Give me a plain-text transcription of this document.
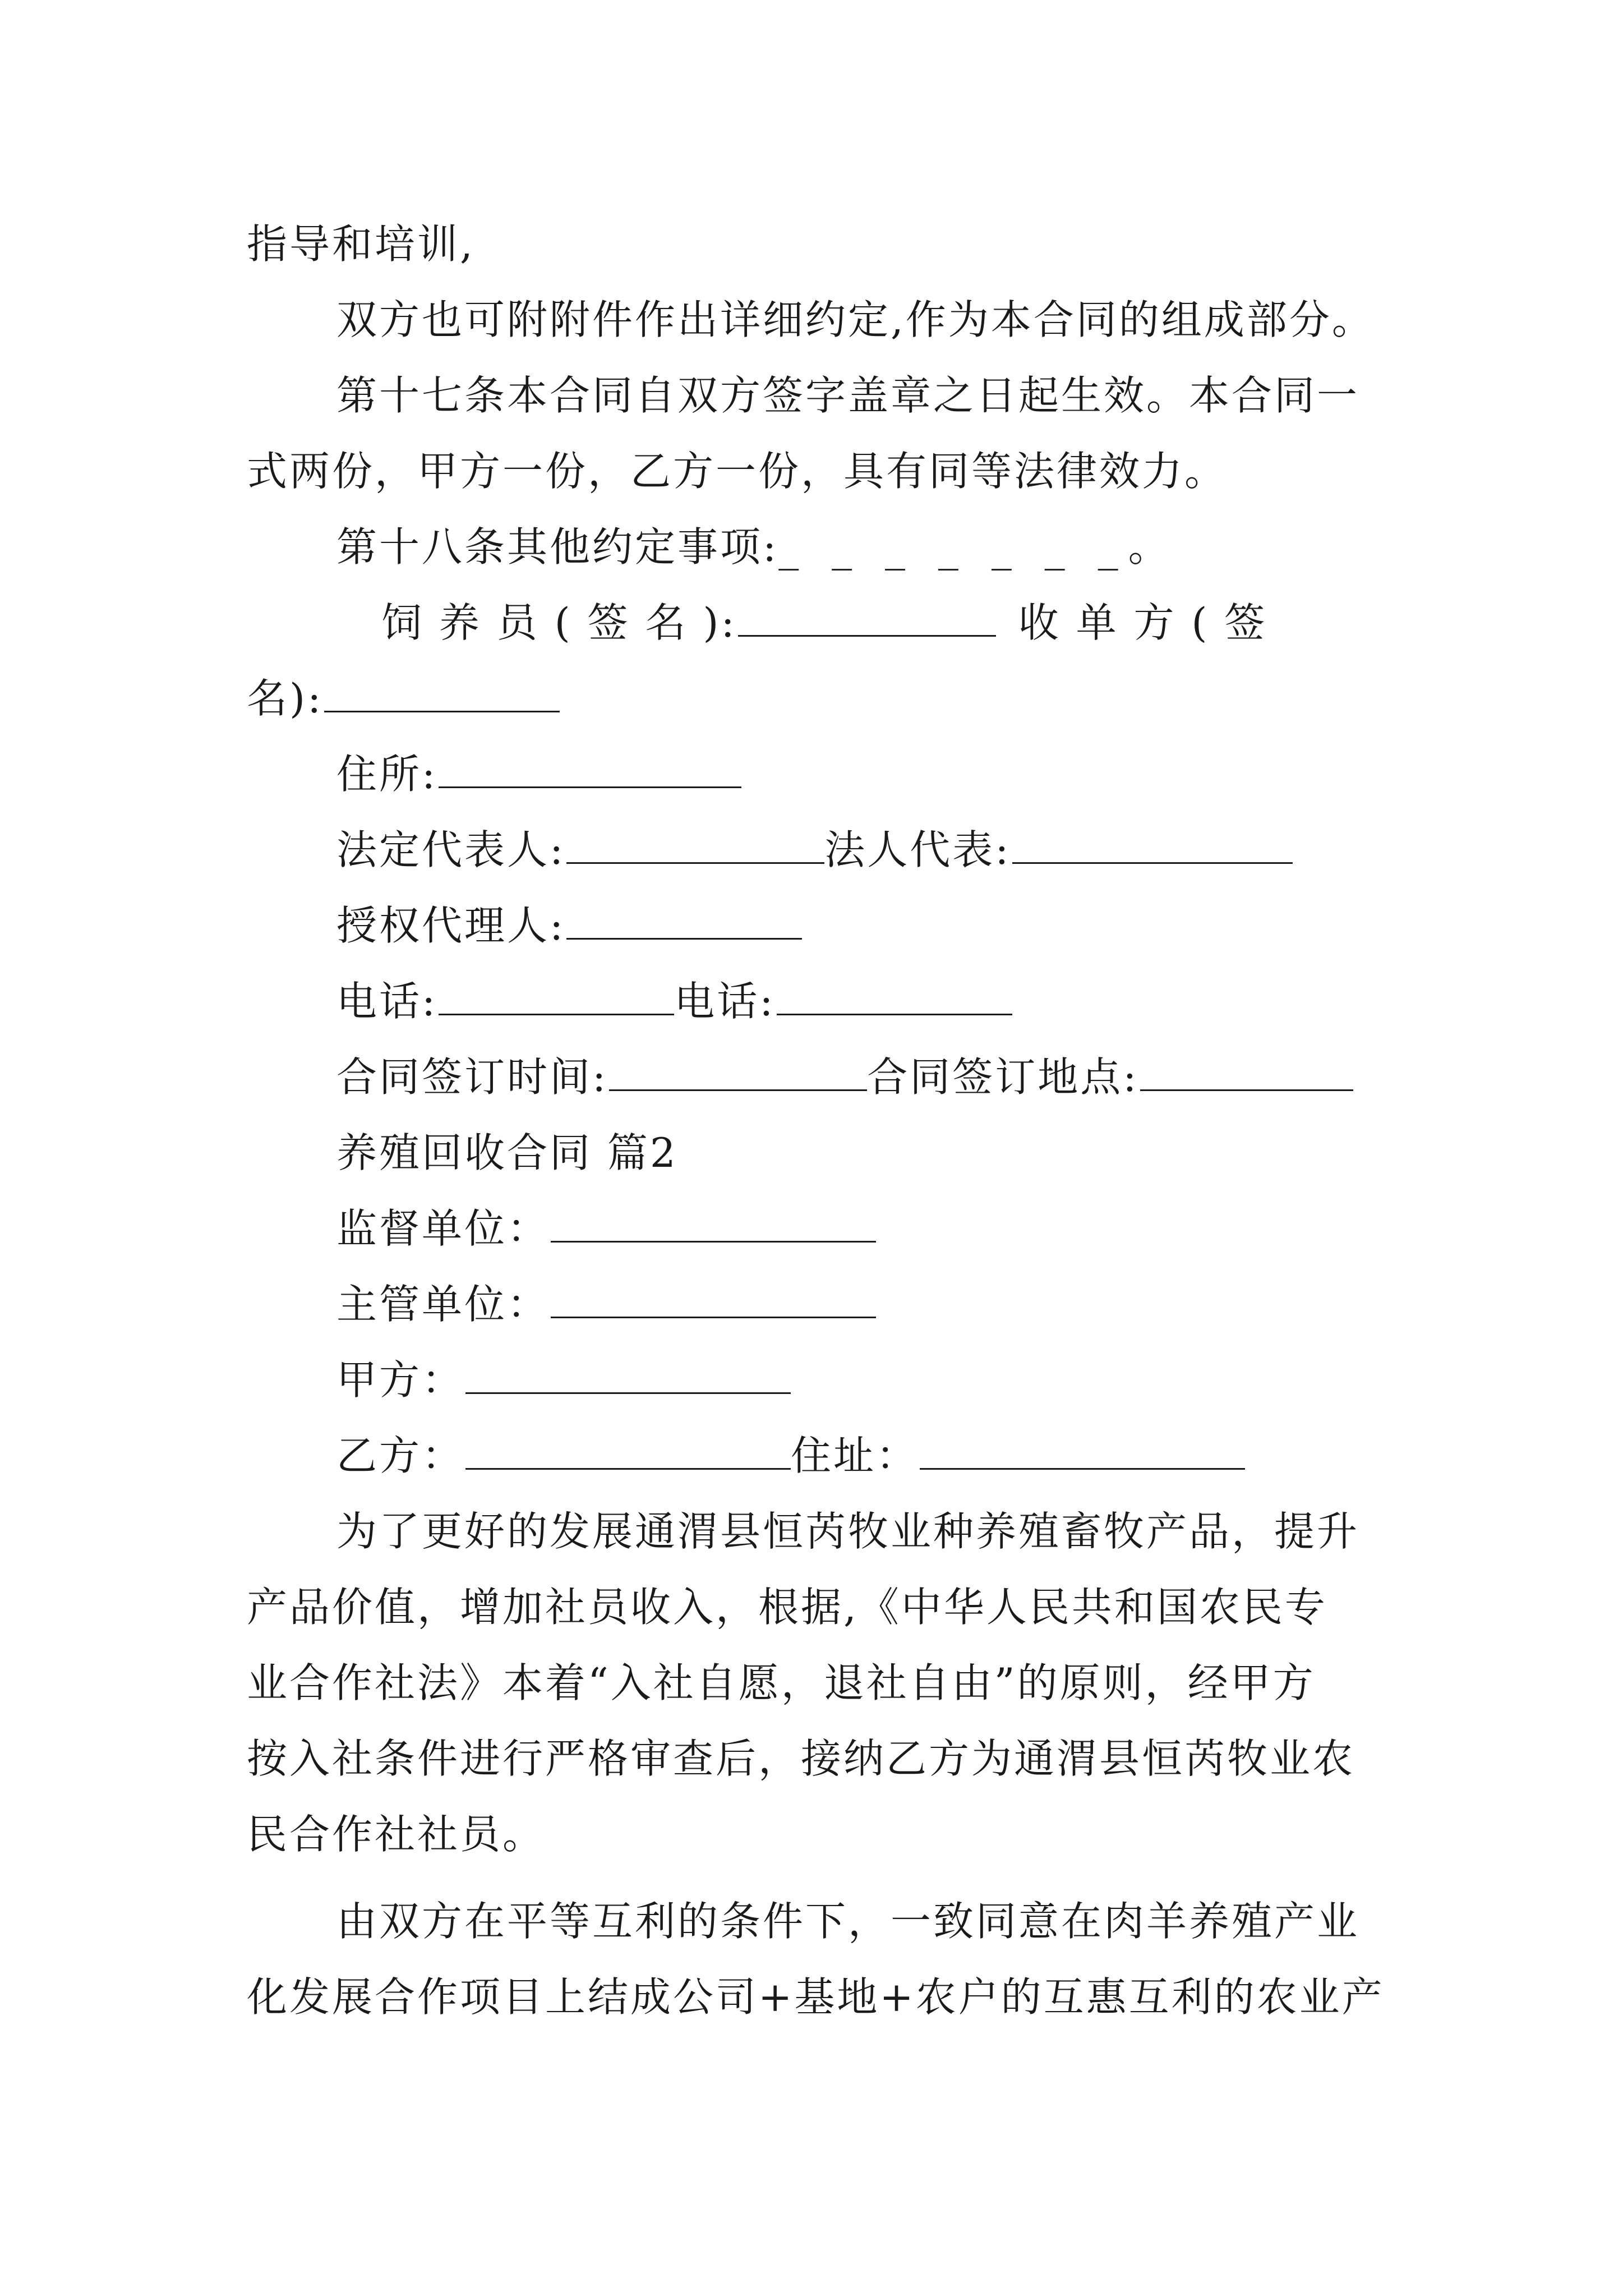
指导和培训,
双方也可附附件作出详细约定,作为本合同的组成部分。
第十七条本合同自双方签字盖章之日起生效。本合同一
式两份，甲方一份，乙方一份，具有同等法律效力。
第十八条其他约定事项:_ _ _ _ _ _ _。
饲 养 员 ( 签 名 ):	收 单 方 ( 签
名):
住所:
法定代表人:	法人代表:
授权代理人:
电话:	电话:
合同签订时间:	合同签订地点:
养殖回收合同 篇2
监督单位：
主管单位：
甲方：
乙方：	住址：
为了更好的发展通渭县恒芮牧业种养殖畜牧产品，提升
产品价值，增加社员收入，根据,《中华人民共和国农民专
业合作社法》本着“入社自愿，退社自由”的原则，经甲方
按入社条件进行严格审查后，接纳乙方为通渭县恒芮牧业农
民合作社社员。
由双方在平等互利的条件下，一致同意在肉羊养殖产业
化发展合作项目上结成公司+基地+农户的互惠互利的农业产
